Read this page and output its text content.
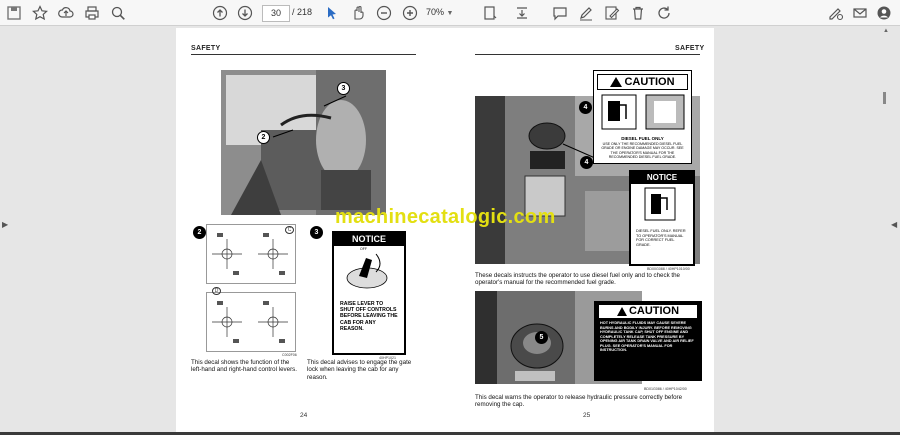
30	/ 218	70% ▼
▶	◀
SAFETY
2
3
2	C
D
C002F06
3
NOTICE
OFF
RAISE LEVER TO SHUT OFF CONTROLS BEFORE LEAVING THE CAB FOR ANY REASON.
40HP1021
This decal shows the function of the left-hand and right-hand control levers.
This decal advises to engage the gate lock when leaving the cab for any reason.
24
SAFETY
4
4
CAUTION
DIESEL FUEL ONLY
USE ONLY THE RECOMMENDED DIESEL FUEL GRADE OR ENGINE DAMAGE MAY OCCUR. SEE THE OPERATOR'S MANUAL FOR THE RECOMMENDED DIESEL FUEL GRADE.
NOTICE
DIESEL FUEL ONLY. REFER TO OPERATOR'S MANUAL FOR CORRECT FUEL GRADE.
BD00G088 / 40HP1010/00
These decals instructs the operator to use diesel fuel only and to check the operator's manual for the recommended fuel grade.
5
CAUTION
HOT HYDRAULIC FLUIDS MAY CAUSE SEVERE BURNS AND BODILY INJURY. BEFORE REMOVING HYDRAULIC TANK CAP, SHUT OFF ENGINE AND COMPLETELY RELEASE TANK PRESSURE BY OPENING AIR TANK DRAIN VALVE AND AIR RELIEF PLUG. SEE OPERATOR'S MANUAL FOR INSTRUCTION.
BD01G086 / 40HP1042/00
This decal warns the operator to release hydraulic pressure correctly before removing the cap.
25
machinecatalogic.com
▲
